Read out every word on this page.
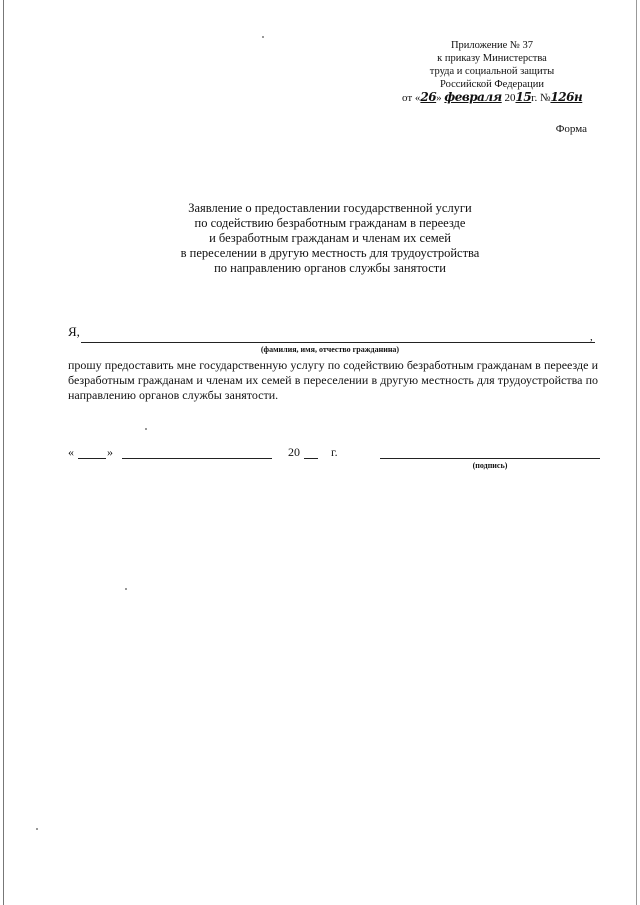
Приложение № 37
к приказу Министерства
труда и социальной защиты
Российской Федерации
от «26» февраля 2015г. №126н
Форма
Заявление о предоставлении государственной услуги
по содействию безработным гражданам в переезде
и безработным гражданам и членам их семей
в переселении в другую местность для трудоустройства
по направлению органов службы занятости
Я,	,
(фамилия, имя, отчество гражданина)
прошу предоставить мне государственную услугу по содействию безработным гражданам в переезде и безработным гражданам и членам их семей в переселении в другую местность для трудоустройства по направлению органов службы занятости.
«	»	20	г.
(подпись)
